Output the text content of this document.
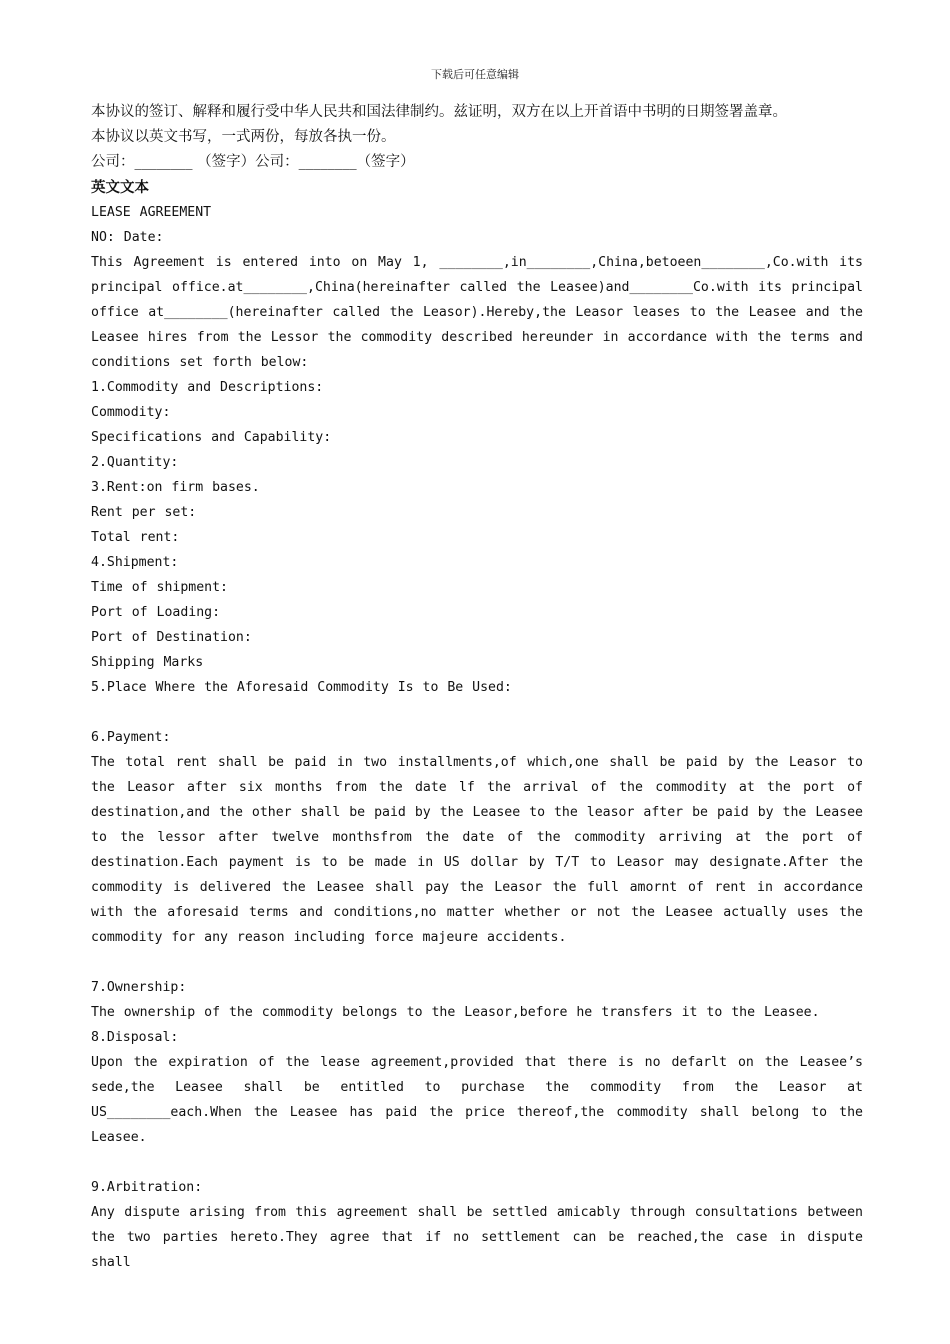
下载后可任意编辑
本协议的签订、解释和履行受中华人民共和国法律制约。兹证明，双方在以上开首语中书明的日期签署盖章。
本协议以英文书写，一式两份，每放各执一份。
公司：________ （签字）公司：________（签字）
英文文本
LEASE AGREEMENT
NO: Date:
This Agreement is entered into on May 1, ________,in________,China,betoeen________,Co.with its principal office.at________,China(hereinafter called the Leasee)and________Co.with its principal office at________(hereinafter called the Leasor).Hereby,the Leasor leases to the Leasee and the Leasee hires from the Lessor the commodity described hereunder in accordance with the terms and conditions set forth below:
1.Commodity and Descriptions:
Commodity:
Specifications and Capability:
2.Quantity:
3.Rent:on firm bases.
Rent per set:
Total rent:
4.Shipment:
Time of shipment:
Port of Loading:
Port of Destination:
Shipping Marks
5.Place Where the Aforesaid Commodity Is to Be Used:
6.Payment:
The total rent shall be paid in two installments,of which,one shall be paid by the Leasor to the Leasor after six months from the date lf the arrival of the commodity at the port of destination,and the other shall be paid by the Leasee to the leasor after be paid by the Leasee to the lessor after twelve monthsfrom the date of the commodity arriving at the port of destination.Each payment is to be made in US dollar by T/T to Leasor may designate.After the commodity is delivered the Leasee shall pay the Leasor the full amornt of rent in accordance with the aforesaid terms and conditions,no matter whether or not the Leasee actually uses the commodity for any reason including force majeure accidents.
7.Ownership:
The ownership of the commodity belongs to the Leasor,before he transfers it to the Leasee.
8.Disposal:
Upon the expiration of the lease agreement,provided that there is no defarlt on the Leasee’s sede,the Leasee shall be entitled to purchase the commodity from the Leasor at US________each.When the Leasee has paid the price thereof,the commodity shall belong to the Leasee.
9.Arbitration:
Any dispute arising from this agreement shall be settled amicably through consultations between the two parties hereto.They agree that if no settlement can be reached,the case in dispute shall
